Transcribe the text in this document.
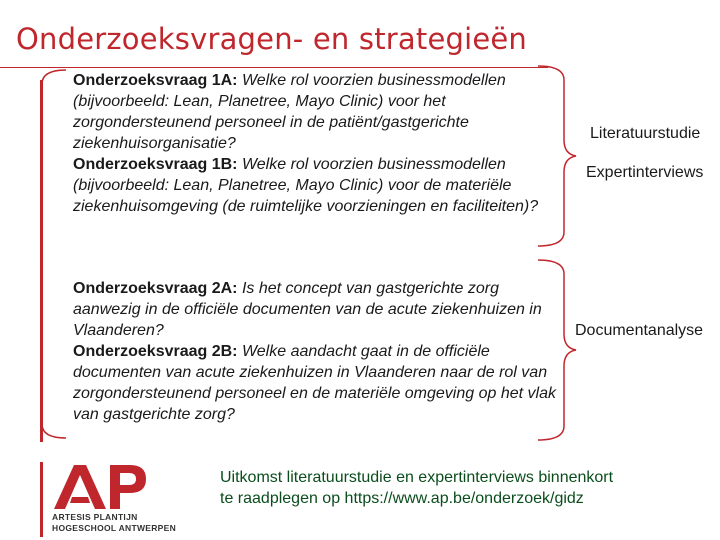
Onderzoeksvragen- en strategieën

Onderzoeksvraag 1A: Welke rol voorzien businessmodellen (bijvoorbeeld: Lean, Planetree, Mayo Clinic) voor het zorgondersteunend personeel in de patiënt/gastgerichte ziekenhuisorganisatie?

Onderzoeksvraag 1B: Welke rol voorzien businessmodellen (bijvoorbeeld: Lean, Planetree, Mayo Clinic) voor de materiële ziekenhuisomgeving (de ruimtelijke voorzieningen en faciliteiten)?

Onderzoeksvraag 2A: Is het concept van gastgerichte zorg aanwezig in de officiële documenten van de acute ziekenhuizen in Vlaanderen?

Onderzoeksvraag 2B: Welke aandacht gaat in de officiële documenten van acute ziekenhuizen in Vlaanderen naar de rol van zorgondersteunend personeel en de materiële omgeving op het vlak van gastgerichte zorg?

Literatuurstudie
Expertinterviews
Documentanalyse

Uitkomst literatuurstudie en expertinterviews binnenkort

te raadplegen op https://www.ap.be/onderzoek/gidz

ARTESIS PLANTIJN
HOGESCHOOL ANTWERPEN
